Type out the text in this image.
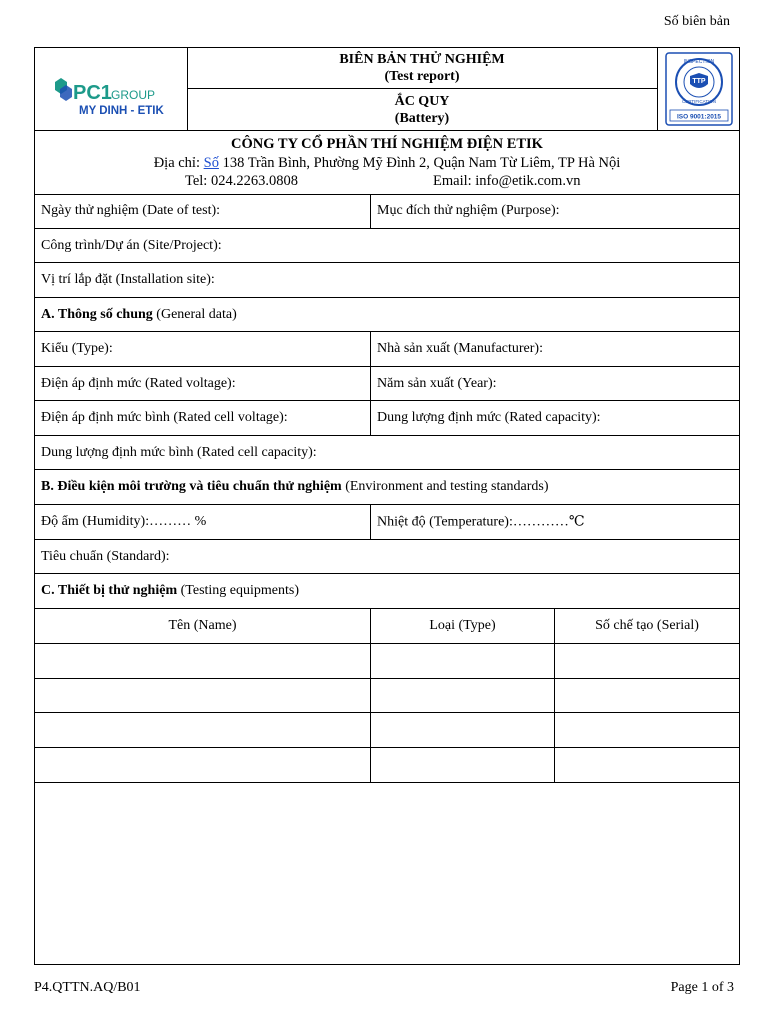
Số biên bản
PC1 GROUP
MY DINH - ETIK
BIÊN BẢN THỬ NGHIỆM
(Test report)
ẮC QUY
(Battery)
TTP
INSPECTION
CERTIFICATION
ISO 9001:2015
CÔNG TY CỔ PHẦN THÍ NGHIỆM ĐIỆN ETIK
Địa chỉ: Số 138 Trần Bình, Phường Mỹ Đình 2, Quận Nam Từ Liêm, TP Hà Nội
Tel: 024.2263.0808	Email: info@etik.com.vn
Ngày thử nghiệm (Date of test):	Mục đích thử nghiệm (Purpose):
Công trình/Dự án (Site/Project):
Vị trí lắp đặt (Installation site):
A. Thông số chung (General data)
Kiểu (Type):	Nhà sản xuất (Manufacturer):
Điện áp định mức (Rated voltage):	Năm sản xuất (Year):
Điện áp định mức bình (Rated cell voltage):	Dung lượng định mức (Rated capacity):
Dung lượng định mức bình (Rated cell capacity):
B. Điều kiện môi trường và tiêu chuẩn thử nghiệm (Environment and testing standards)
Độ ẩm (Humidity):……… %	Nhiệt độ (Temperature):…………℃
Tiêu chuẩn (Standard):
C. Thiết bị thử nghiệm (Testing equipments)
Tên (Name)	Loại (Type)	Số chế tạo (Serial)
P4.QTTN.AQ/B01	Page 1 of 3
